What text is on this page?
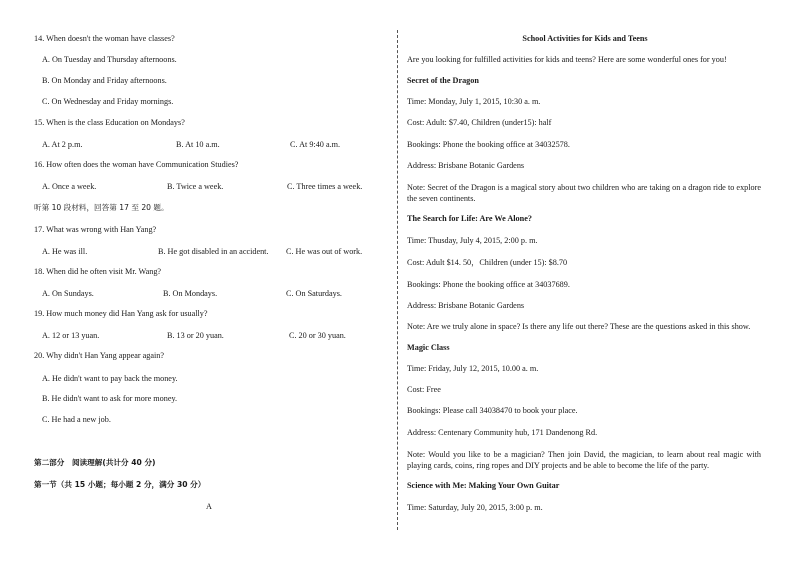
14. When doesn't the woman have classes?
A. On Tuesday and Thursday afternoons.
B. On Monday and Friday afternoons.
C. On Wednesday and Friday mornings.
15. When is the class Education on Mondays?
A. At 2 p.m.	B. At 10 a.m.	C. At 9:40 a.m.
16. How often does the woman have Communication Studies?
A. Once a week.	B. Twice a week.	C. Three times a week.
听第 10 段材料，回答第 17 至 20 题。
17. What was wrong with Han Yang?
A. He was ill.	B. He got disabled in an accident. C. He was out of work.
18. When did he often visit Mr. Wang?
A. On Sundays.	B. On Mondays.	C. On Saturdays.
19. How much money did Han Yang ask for usually?
A. 12 or 13 yuan.	B. 13 or 20 yuan.	C. 20 or 30 yuan.
20. Why didn't Han Yang appear again?
A. He didn't want to pay back the money.
B. He didn't want to ask for more money.
C. He had a new job.
第二部分　阅读理解(共计分 40 分)
第一节（共 15 小题；每小题 2 分，满分 30 分）
A
School Activities for Kids and Teens
Are you looking for fulfilled activities for kids and teens? Here are some wonderful ones for you!
Secret of the Dragon
Time: Monday, July 1, 2015, 10:30 a. m.
Cost: Adult: $7.40, Children (under15): half
Bookings: Phone the booking office at 34032578.
Address: Brisbane Botanic Gardens
Note: Secret of the Dragon is a magical story about two children who are taking on a dragon ride to explore the seven continents.
The Search for Life: Are We Alone?
Time: Thusday, July 4, 2015, 2:00 p. m.
Cost: Adult $14. 50，Children (under 15): $8.70
Bookings: Phone the booking office at 34037689.
Address: Brisbane Botanic Gardens
Note: Are we truly alone in space? Is there any life out there? These are the questions asked in this show.
Magic Class
Time: Friday, July 12, 2015, 10.00 a. m.
Cost: Free
Bookings: Please call 34038470 to book your place.
Address: Centenary Community hub, 171 Dandenong Rd.
Note: Would you like to be a magician? Then join David, the magician, to learn about real magic with playing cards, coins, ring ropes and DIY projects and be able to become the life of the party.
Science with Me: Making Your Own Guitar
Time: Saturday, July 20, 2015, 3:00 p. m.
